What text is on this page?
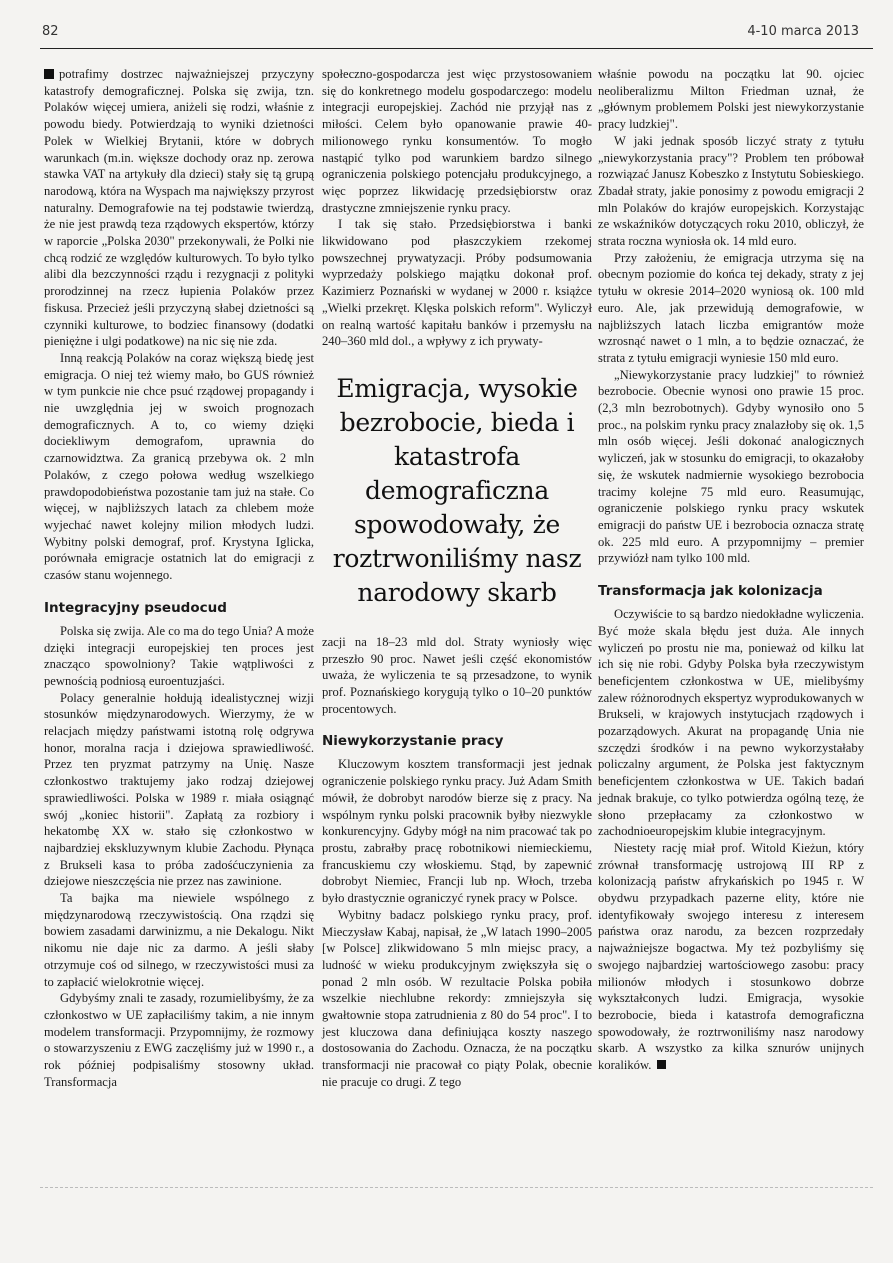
82	4-10 marca 2013

potrafimy dostrzec najważniejszej przyczyny katastrofy demograficznej. Polska się zwija, tzn. Polaków więcej umiera, aniżeli się rodzi, właśnie z powodu biedy. Potwierdzają to wyniki dzietności Polek w Wielkiej Brytanii, które w dobrych warunkach (m.in. większe dochody oraz np. zerowa stawka VAT na artykuły dla dzieci) stały się tą grupą narodową, która na Wyspach ma największy przyrost naturalny. Demografowie na tej podstawie twierdzą, że nie jest prawdą teza rządowych ekspertów, którzy w raporcie „Polska 2030" przekonywali, że Polki nie chcą rodzić ze względów kulturowych. To było tylko alibi dla bezczynności rządu i rezygnacji z polityki prorodzinnej na rzecz łupienia Polaków przez fiskusa. Przecież jeśli przyczyną słabej dzietności są czynniki kulturowe, to bodziec finansowy (dodatki pieniężne i ulgi podatkowe) na nic się nie zda.

Inną reakcją Polaków na coraz większą biedę jest emigracja. O niej też wiemy mało, bo GUS również w tym punkcie nie chce psuć rządowej propagandy i nie uwzględnia jej w swoich prognozach demograficznych. A to, co wiemy dzięki dociekliwym demografom, uprawnia do czarnowidztwa. Za granicą przebywa ok. 2 mln Polaków, z czego połowa według wszelkiego prawdopodobieństwa pozostanie tam już na stałe. Co więcej, w najbliższych latach za chlebem może wyjechać nawet kolejny milion młodych ludzi. Wybitny polski demograf, prof. Krystyna Iglicka, porównała emigracje ostatnich lat do emigracji z czasów stanu wojennego.

Integracyjny pseudocud

Polska się zwija. Ale co ma do tego Unia? A może dzięki integracji europejskiej ten proces jest znacząco spowolniony? Takie wątpliwości z pewnością podniosą euroentuzjaści.

Polacy generalnie hołdują idealistycznej wizji stosunków międzynarodowych. Wierzymy, że w relacjach między państwami istotną rolę odgrywa honor, moralna racja i dziejowa sprawiedliwość. Przez ten pryzmat patrzymy na Unię. Nasze członkostwo traktujemy jako rodzaj dziejowej sprawiedliwości. Polska w 1989 r. miała osiągnąć swój „koniec historii". Zapłatą za rozbiory i hekatombę XX w. stało się członkostwo w najbardziej ekskluzywnym klubie Zachodu. Płynąca z Brukseli kasa to próba zadośćuczynienia za dziejowe nieszczęścia nie przez nas zawinione.

Ta bajka ma niewiele wspólnego z międzynarodową rzeczywistością. Ona rządzi się bowiem zasadami darwinizmu, a nie Dekalogu. Nikt nikomu nie daje nic za darmo. A jeśli słaby otrzymuje coś od silnego, w rzeczywistości musi za to zapłacić wielokrotnie więcej.

Gdybyśmy znali te zasady, rozumielibyśmy, że za członkostwo w UE zapłaciliśmy takim, a nie innym modelem transformacji. Przypomnijmy, że rozmowy o stowarzyszeniu z EWG zaczęliśmy już w 1990 r., a rok później podpisaliśmy stosowny układ. Transformacja

społeczno-gospodarcza jest więc przystosowaniem się do konkretnego modelu gospodarczego: modelu integracji europejskiej. Zachód nie przyjął nas z miłości. Celem było opanowanie prawie 40-milionowego rynku konsumentów. To mogło nastąpić tylko pod warunkiem bardzo silnego ograniczenia polskiego potencjału produkcyjnego, a więc poprzez likwidację przedsiębiorstw oraz drastyczne zmniejszenie rynku pracy.

I tak się stało. Przedsiębiorstwa i banki likwidowano pod płaszczykiem rzekomej powszechnej prywatyzacji. Próby podsumowania wyprzedaży polskiego majątku dokonał prof. Kazimierz Poznański w wydanej w 2000 r. książce „Wielki przekręt. Klęska polskich reform". Wyliczył on realną wartość kapitału banków i przemysłu na 240–360 mld dol., a wpływy z ich prywaty-

Emigracja, wysokie bezrobocie, bieda i katastrofa demograficzna spowodowały, że roztrwoniliśmy nasz narodowy skarb

zacji na 18–23 mld dol. Straty wyniosły więc przeszło 90 proc. Nawet jeśli część ekonomistów uważa, że wyliczenia te są przesadzone, to wynik prof. Poznańskiego korygują tylko o 10–20 punktów procentowych.

Niewykorzystanie pracy

Kluczowym kosztem transformacji jest jednak ograniczenie polskiego rynku pracy. Już Adam Smith mówił, że dobrobyt narodów bierze się z pracy. Na wspólnym rynku polski pracownik byłby niezwykle konkurencyjny. Gdyby mógł na nim pracować tak po prostu, zabrałby pracę robotnikowi niemieckiemu, francuskiemu czy włoskiemu. Stąd, by zapewnić dobrobyt Niemiec, Francji lub np. Włoch, trzeba było drastycznie ograniczyć rynek pracy w Polsce.

Wybitny badacz polskiego rynku pracy, prof. Mieczysław Kabaj, napisał, że „W latach 1990–2005 [w Polsce] zlikwidowano 5 mln miejsc pracy, a ludność w wieku produkcyjnym zwiększyła się o ponad 2 mln osób. W rezultacie Polska pobiła wszelkie niechlubne rekordy: zmniejszyła się gwałtownie stopa zatrudnienia z 80 do 54 proc". I to jest kluczowa dana definiująca koszty naszego dostosowania do Zachodu. Oznacza, że na początku transformacji nie pracował co piąty Polak, obecnie nie pracuje co drugi. Z tego

właśnie powodu na początku lat 90. ojciec neoliberalizmu Milton Friedman uznał, że „głównym problemem Polski jest niewykorzystanie pracy ludzkiej".

W jaki jednak sposób liczyć straty z tytułu „niewykorzystania pracy"? Problem ten próbował rozwiązać Janusz Kobeszko z Instytutu Sobieskiego. Zbadał straty, jakie ponosimy z powodu emigracji 2 mln Polaków do krajów europejskich. Korzystając ze wskaźników dotyczących roku 2010, obliczył, że strata roczna wyniosła ok. 14 mld euro.

Przy założeniu, że emigracja utrzyma się na obecnym poziomie do końca tej dekady, straty z jej tytułu w okresie 2014–2020 wyniosą ok. 100 mld euro. Ale, jak przewidują demografowie, w najbliższych latach liczba emigrantów może wzrosnąć nawet o 1 mln, a to będzie oznaczać, że strata z tytułu emigracji wyniesie 150 mld euro.

„Niewykorzystanie pracy ludzkiej" to również bezrobocie. Obecnie wynosi ono prawie 15 proc. (2,3 mln bezrobotnych). Gdyby wynosiło ono 5 proc., na polskim rynku pracy znalazłoby się ok. 1,5 mln osób więcej. Jeśli dokonać analogicznych wyliczeń, jak w stosunku do emigracji, to okazałoby się, że wskutek nadmiernie wysokiego bezrobocia tracimy kolejne 75 mld euro. Reasumując, ograniczenie polskiego rynku pracy wskutek emigracji do państw UE i bezrobocia oznacza stratę ok. 225 mld euro. A przypomnijmy – premier przywiózł nam tylko 100 mld.

Transformacja jak kolonizacja

Oczywiście to są bardzo niedokładne wyliczenia. Być może skala błędu jest duża. Ale innych wyliczeń po prostu nie ma, ponieważ od kilku lat ich się nie robi. Gdyby Polska była rzeczywistym beneficjentem członkostwa w UE, mielibyśmy zalew różnorodnych ekspertyz wyprodukowanych w Brukseli, w krajowych instytucjach rządowych i pozarządowych. Akurat na propagandę Unia nie szczędzi środków i na pewno wykorzystałaby policzalny argument, że Polska jest faktycznym beneficjentem członkostwa w UE. Takich badań jednak brakuje, co tylko potwierdza ogólną tezę, że słono przepłacamy za członkostwo w zachodnioeuropejskim klubie integracyjnym.

Niestety rację miał prof. Witold Kieżun, który zrównał transformację ustrojową III RP z kolonizacją państw afrykańskich po 1945 r. W obydwu przypadkach pazerne elity, które nie identyfikowały swojego interesu z interesem państwa oraz narodu, za bezcen rozprzedały najważniejsze bogactwa. My też pozbyliśmy się swojego najbardziej wartościowego zasobu: pracy milionów młodych i stosunkowo dobrze wykształconych ludzi. Emigracja, wysokie bezrobocie, bieda i katastrofa demograficzna spowodowały, że roztrwoniliśmy nasz narodowy skarb. A wszystko za kilka sznurów unijnych koralików.
